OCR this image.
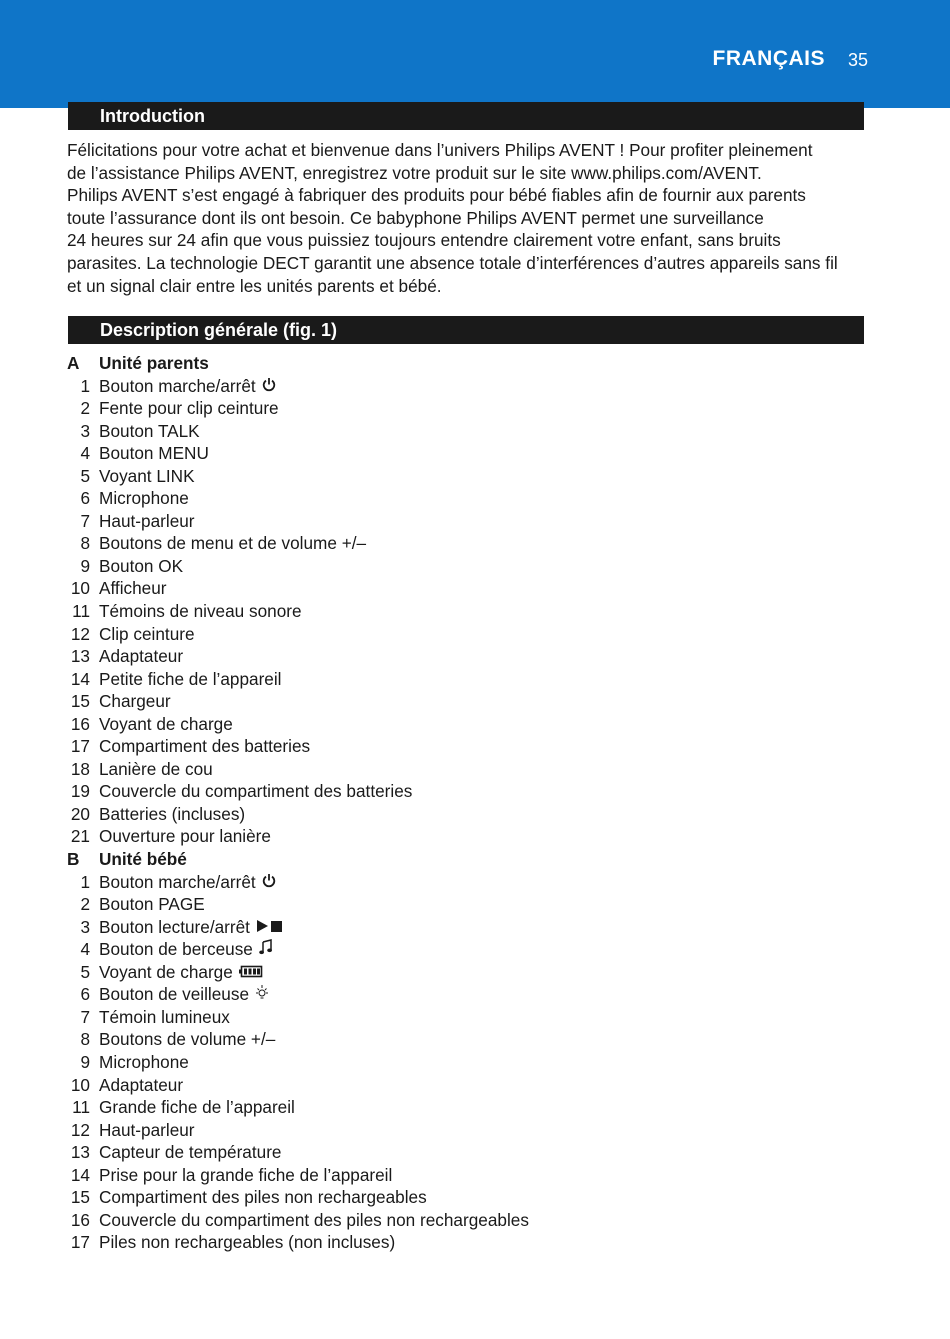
FRANÇAIS 35
Introduction

Félicitations pour votre achat et bienvenue dans l’univers Philips AVENT ! Pour profiter pleinement
de l’assistance Philips AVENT, enregistrez votre produit sur le site www.philips.com/AVENT.
Philips AVENT s’est engagé à fabriquer des produits pour bébé fiables afin de fournir aux parents
toute l’assurance dont ils ont besoin. Ce babyphone Philips AVENT permet une surveillance
24 heures sur 24 afin que vous puissiez toujours entendre clairement votre enfant, sans bruits
parasites. La technologie DECT garantit une absence totale d’interférences d’autres appareils sans fil
et un signal clair entre les unités parents et bébé.

Description générale (fig. 1)
A	Unité parents
1 Bouton marche/arrêt
2 Fente pour clip ceinture
3 Bouton TALK
4 Bouton MENU
5 Voyant LINK
6 Microphone
7 Haut-parleur
8 Boutons de menu et de volume +/–
9 Bouton OK
10 Afficheur
11 Témoins de niveau sonore
12 Clip ceinture
13 Adaptateur
14 Petite fiche de l’appareil
15 Chargeur
16 Voyant de charge
17 Compartiment des batteries
18 Lanière de cou
19 Couvercle du compartiment des batteries
20 Batteries (incluses)
21 Ouverture pour lanière
B	Unité bébé
1 Bouton marche/arrêt
2 Bouton PAGE
3 Bouton lecture/arrêt
4 Bouton de berceuse
5 Voyant de charge
6 Bouton de veilleuse
7 Témoin lumineux
8 Boutons de volume +/–
9 Microphone
10 Adaptateur
11 Grande fiche de l’appareil
12 Haut-parleur
13 Capteur de température
14 Prise pour la grande fiche de l’appareil
15 Compartiment des piles non rechargeables
16 Couvercle du compartiment des piles non rechargeables
17 Piles non rechargeables (non incluses)
